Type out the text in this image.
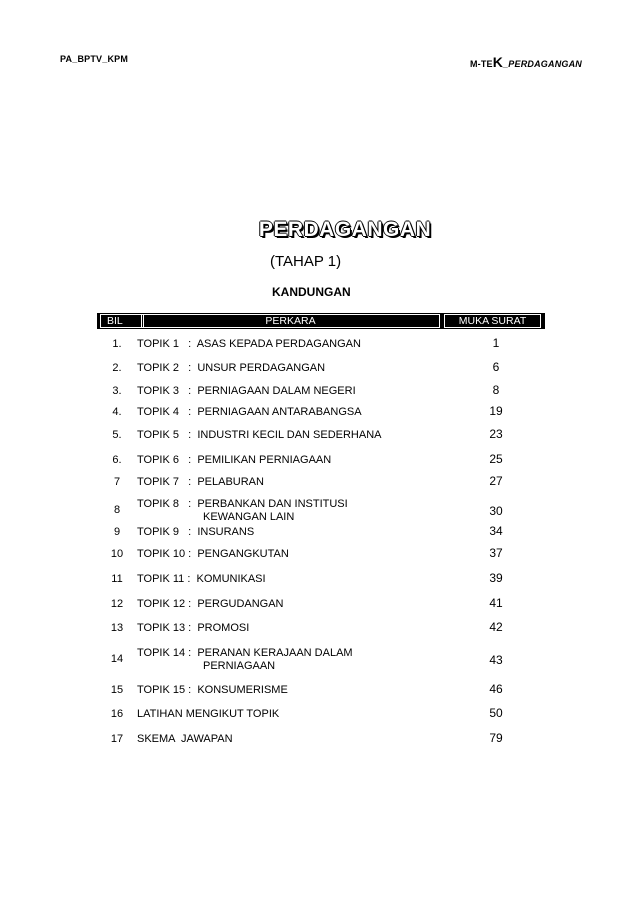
PA_BPTV_KPM	M-TEK_PERDAGANGAN
PERDAGANGAN
(TAHAP 1)
KANDUNGAN
BIL	PERKARA	MUKA SURAT
1.	TOPIK 1   :  ASAS KEPADA PERDAGANGAN	1
2.	TOPIK 2   :  UNSUR PERDAGANGAN	6
3.	TOPIK 3   :  PERNIAGAAN DALAM NEGERI	8
4.	TOPIK 4   :  PERNIAGAAN ANTARABANGSA	19
5.	TOPIK 5   :  INDUSTRI KECIL DAN SEDERHANA	23
6.	TOPIK 6   :  PEMILIKAN PERNIAGAAN	25
7	TOPIK 7   :  PELABURAN	27
8	TOPIK 8   :  PERBANKAN DAN INSTITUSI
KEWANGAN LAIN	30
9	TOPIK 9   :  INSURANS	34
10	TOPIK 10 :  PENGANGKUTAN	37
11	TOPIK 11 :  KOMUNIKASI	39
12	TOPIK 12 :  PERGUDANGAN	41
13	TOPIK 13 :  PROMOSI	42
14	TOPIK 14 :  PERANAN KERAJAAN DALAM
PERNIAGAAN	43
15	TOPIK 15 :  KONSUMERISME	46
16	LATIHAN MENGIKUT TOPIK	50
17	SKEMA  JAWAPAN	79
